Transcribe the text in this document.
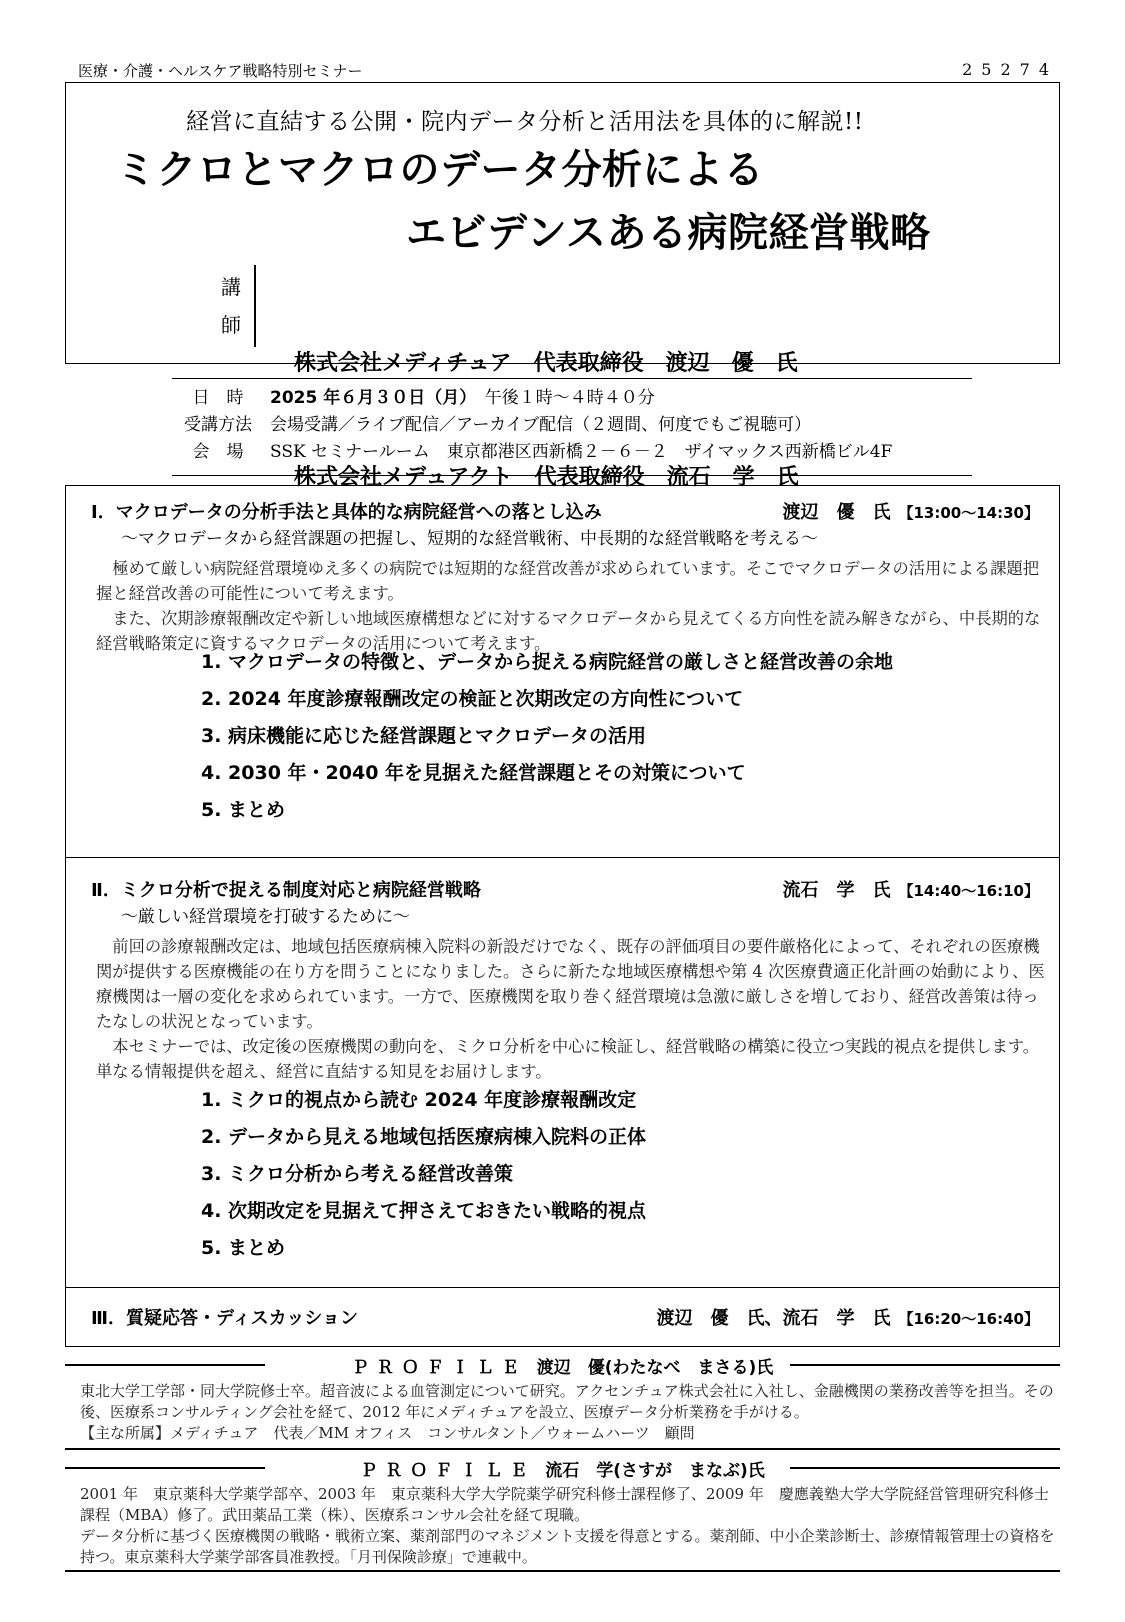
医療・介護・ヘルスケア戦略特別セミナー	25274
経営に直結する公開・院内データ分析と活用法を具体的に解説!!
ミクロとマクロのデータ分析による
エビデンスある病院経営戦略
講
師

株式会社メディチュア　代表取締役　渡辺　優　氏

株式会社メデュアクト　代表取締役　流石　学　氏

日　時 2025 年６月３０日（月）　午後１時～４時４０分
受講方法 会場受講／ライブ配信／アーカイブ配信（２週間、何度でもご視聴可）
会　場 SSK セミナールーム　東京都港区西新橋２－６－２　ザイマックス西新橋ビル4F
Ⅰ．マクロデータの分析手法と具体的な病院経営への落とし込み	渡辺　優　氏 【13:00～14:30】
～マクロデータから経営課題の把握し、短期的な経営戦術、中長期的な経営戦略を考える～

極めて厳しい病院経営環境ゆえ多くの病院では短期的な経営改善が求められています。そこでマクロデータの活用による課題把握と経営改善の可能性について考えます。

また、次期診療報酬改定や新しい地域医療構想などに対するマクロデータから見えてくる方向性を読み解きながら、中長期的な経営戦略策定に資するマクロデータの活用について考えます。

1. マクロデータの特徴と、データから捉える病院経営の厳しさと経営改善の余地
2. 2024 年度診療報酬改定の検証と次期改定の方向性について
3. 病床機能に応じた経営課題とマクロデータの活用
4. 2030 年・2040 年を見据えた経営課題とその対策について
5. まとめ
Ⅱ．ミクロ分析で捉える制度対応と病院経営戦略	流石　学　氏 【14:40～16:10】
～厳しい経営環境を打破するために～

前回の診療報酬改定は、地域包括医療病棟入院料の新設だけでなく、既存の評価項目の要件厳格化によって、それぞれの医療機関が提供する医療機能の在り方を問うことになりました。さらに新たな地域医療構想や第 4 次医療費適正化計画の始動により、医療機関は一層の変化を求められています。一方で、医療機関を取り巻く経営環境は急激に厳しさを増しており、経営改善策は待ったなしの状況となっています。

本セミナーでは、改定後の医療機関の動向を、ミクロ分析を中心に検証し、経営戦略の構築に役立つ実践的視点を提供します。単なる情報提供を超え、経営に直結する知見をお届けします。

1. ミクロ的視点から読む 2024 年度診療報酬改定
2. データから見える地域包括医療病棟入院料の正体
3. ミクロ分析から考える経営改善策
4. 次期改定を見据えて押さえておきたい戦略的視点
5. まとめ
Ⅲ．質疑応答・ディスカッション	渡辺　優　氏、流石　学　氏 【16:20～16:40】
ＰＲＯＦＩＬＥ 渡辺　優(わたなべ　まさる)氏
東北大学工学部・同大学院修士卒。超音波による血管測定について研究。アクセンチュア株式会社に入社し、金融機関の業務改善等を担当。その後、医療系コンサルティング会社を経て、2012 年にメディチュアを設立、医療データ分析業務を手がける。
【主な所属】メディチュア　代表／MM オフィス　コンサルタント／ウォームハーツ　顧問
ＰＲＯＦＩＬＥ 流石　学(さすが　まなぶ)氏
2001 年　東京薬科大学薬学部卒、2003 年　東京薬科大学大学院薬学研究科修士課程修了、2009 年　慶應義塾大学大学院経営管理研究科修士課程（MBA）修了。武田薬品工業（株）、医療系コンサル会社を経て現職。
データ分析に基づく医療機関の戦略・戦術立案、薬剤部門のマネジメント支援を得意とする。薬剤師、中小企業診断士、診療情報管理士の資格を持つ。東京薬科大学薬学部客員准教授。「月刊保険診療」で連載中。
